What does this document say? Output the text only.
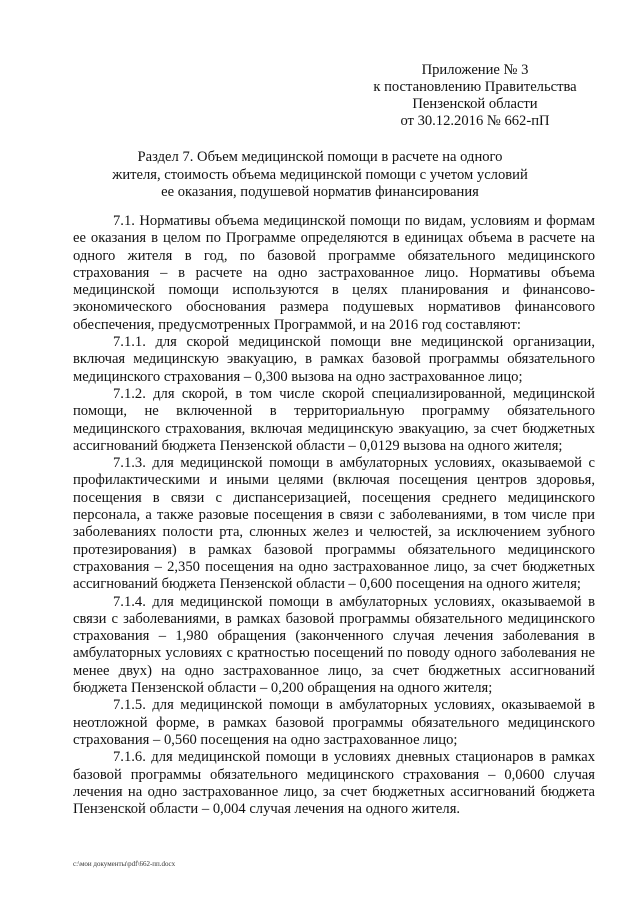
Приложение № 3
к постановлению Правительства
Пензенской области
от 30.12.2016 № 662-пП
Раздел 7. Объем медицинской помощи в расчете на одного
жителя, стоимость объема медицинской помощи с учетом условий
ее оказания, подушевой норматив финансирования

7.1. Нормативы объема медицинской помощи по видам, условиям и формам ее оказания в целом по Программе определяются в единицах объема в расчете на одного жителя в год, по базовой программе обязательного медицинского страхования – в расчете на одно застрахованное лицо. Нормативы объема медицинской помощи используются в целях планирования и финансово-экономического обоснования размера подушевых нормативов финансового обеспечения, предусмотренных Программой, и на 2016 год составляют:

7.1.1. для скорой медицинской помощи вне медицинской организации, включая медицинскую эвакуацию, в рамках базовой программы обязательного медицинского страхования – 0,300 вызова на одно застрахованное лицо;

7.1.2. для скорой, в том числе скорой специализированной, медицинской помощи, не включенной в территориальную программу обязательного медицинского страхования, включая медицинскую эвакуацию, за счет бюджетных ассигнований бюджета Пензенской области – 0,0129 вызова на одного жителя;

7.1.3. для медицинской помощи в амбулаторных условиях, оказываемой с профилактическими и иными целями (включая посещения центров здоровья, посещения в связи с диспансеризацией, посещения среднего медицинского персонала, а также разовые посещения в связи с заболеваниями, в том числе при заболеваниях полости рта, слюнных желез и челюстей, за исключением зубного протезирования) в рамках базовой программы обязательного медицинского страхования – 2,350 посещения на одно застрахованное лицо, за счет бюджетных ассигнований бюджета Пензенской области – 0,600 посещения на одного жителя;

7.1.4. для медицинской помощи в амбулаторных условиях, оказываемой в связи с заболеваниями, в рамках базовой программы обязательного медицинского страхования – 1,980 обращения (законченного случая лечения заболевания в амбулаторных условиях с кратностью посещений по поводу одного заболевания не менее двух) на одно застрахованное лицо, за счет бюджетных ассигнований бюджета Пензенской области – 0,200 обращения на одного жителя;

7.1.5. для медицинской помощи в амбулаторных условиях, оказываемой в неотложной форме, в рамках базовой программы обязательного медицинского страхования – 0,560 посещения на одно застрахованное лицо;

7.1.6. для медицинской помощи в условиях дневных стационаров в рамках базовой программы обязательного медицинского страхования – 0,0600 случая лечения на одно застрахованное лицо, за счет бюджетных ассигнований бюджета Пензенской области – 0,004 случая лечения на одного жителя.

c:\мои документы\pdf\662-пп.docx
